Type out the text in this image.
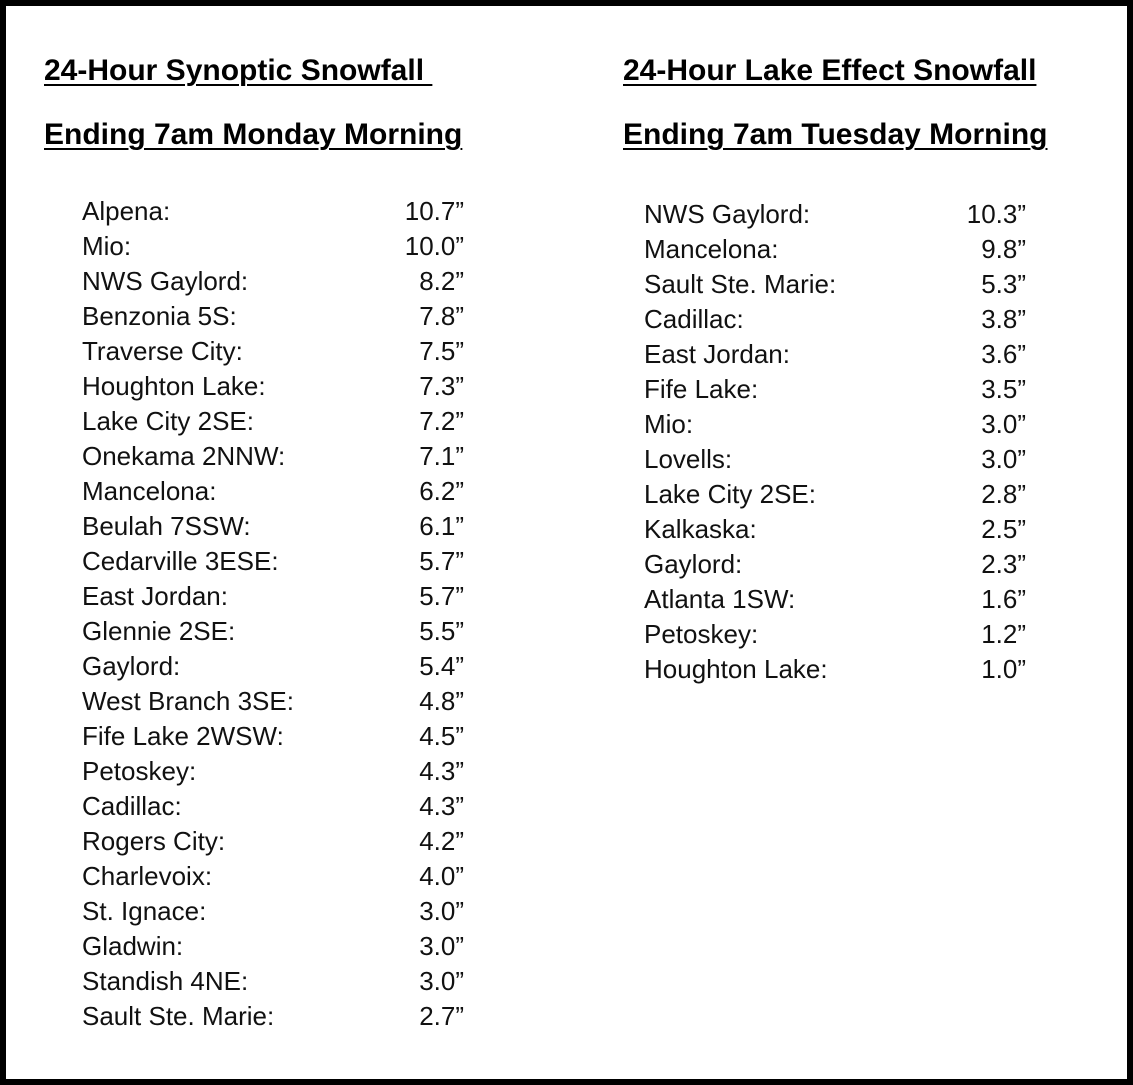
24-Hour Synoptic Snowfall
Ending 7am Monday Morning
Alpena:	10.7”
Mio:	10.0”
NWS Gaylord:	8.2”
Benzonia 5S:	7.8”
Traverse City:	7.5”
Houghton Lake:	7.3”
Lake City 2SE:	7.2”
Onekama 2NNW:	7.1”
Mancelona:	6.2”
Beulah 7SSW:	6.1”
Cedarville 3ESE:	5.7”
East Jordan:	5.7”
Glennie 2SE:	5.5”
Gaylord:	5.4”
West Branch 3SE:	4.8”
Fife Lake 2WSW:	4.5”
Petoskey:	4.3”
Cadillac:	4.3”
Rogers City:	4.2”
Charlevoix:	4.0”
St. Ignace:	3.0”
Gladwin:	3.0”
Standish 4NE:	3.0”
Sault Ste. Marie:	2.7”
24-Hour Lake Effect Snowfall
Ending 7am Tuesday Morning
NWS Gaylord:	10.3”
Mancelona:	9.8”
Sault Ste. Marie:	5.3”
Cadillac:	3.8”
East Jordan:	3.6”
Fife Lake:	3.5”
Mio:	3.0”
Lovells:	3.0”
Lake City 2SE:	2.8”
Kalkaska:	2.5”
Gaylord:	2.3”
Atlanta 1SW:	1.6”
Petoskey:	1.2”
Houghton Lake:	1.0”
